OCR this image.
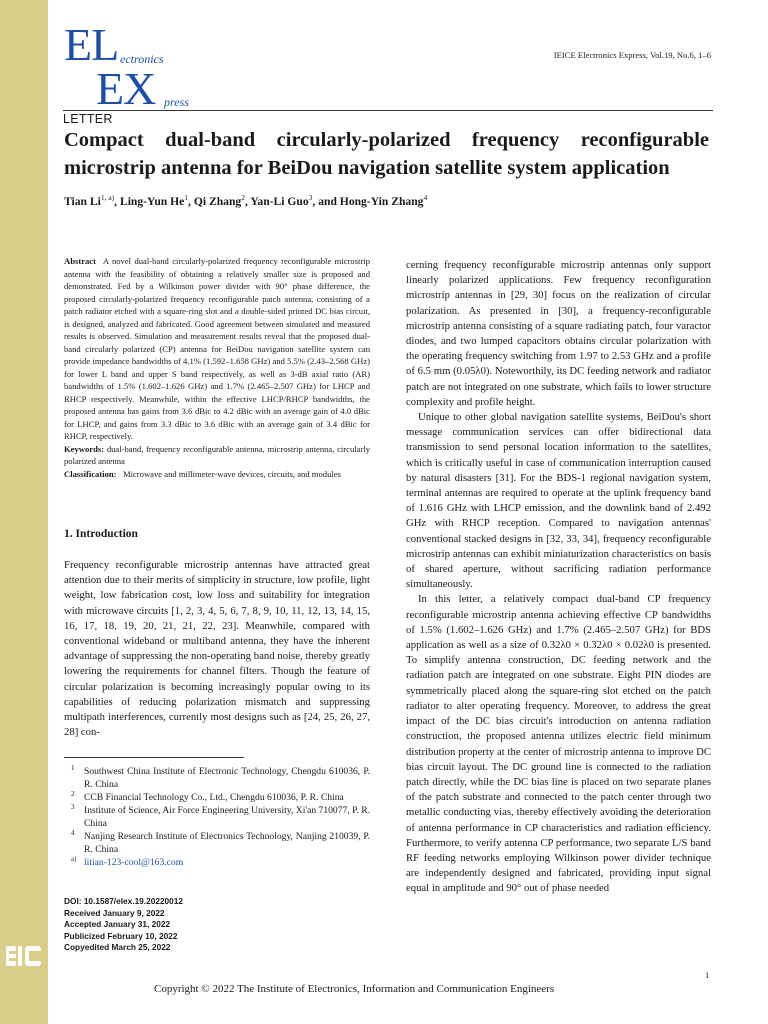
EL ectronics
EX press
IEICE Electronics Express, Vol.19, No.6, 1–6
LETTER
Compact dual-band circularly-polarized frequency reconfigurable microstrip antenna for BeiDou navigation satellite system application
Tian Li$^{1, a)}$, Ling-Yun He$^1$, Qi Zhang$^2$, Yan-Li Guo$^3$, and Hong-Yin Zhang$^4$

Abstract A novel dual-band circularly-polarized frequency reconfigurable microstrip antenna with the feasibility of obtaining a relatively smaller size is proposed and demonstrated. Fed by a Wilkinson power divider with 90° phase difference, the proposed circularly-polarized frequency reconfigurable patch antenna, consisting of a patch radiator etched with a square-ring slot and a double-sided printed DC bias circuit, is designed, analyzed and fabricated. Good agreement between simulated and measured results is observed. Simulation and measurement results reveal that the proposed dual-band circularly polarized (CP) antenna for BeiDou navigation satellite system can provide impedance bandwidths of 4.1% (1.592–1.658 GHz) and 5.5% (2.43–2.568 GHz) for lower L band and upper S band respectively, as well as 3-dB axial ratio (AR) bandwidths of 1.5% (1.602–1.626 GHz) and 1.7% (2.465–2.507 GHz) for LHCP and RHCP respectively. Meanwhile, within the effective LHCP/RHCP bandwidths, the proposed antenna has gains from 3.6 dBic to 4.2 dBic with an average gain of 4.0 dBic for LHCP, and gains from 3.3 dBic to 3.6 dBic with an average gain of 3.4 dBic for RHCP, respectively.

Keywords: dual-band, frequency reconfigurable antenna, microstrip antenna, circularly polarized antenna

Classification: Microwave and millimeter-wave devices, circuits, and modules

1. Introduction

Frequency reconfigurable microstrip antennas have attracted great attention due to their merits of simplicity in structure, low profile, light weight, low fabrication cost, low loss and suitability for integration with microwave circuits [1, 2, 3, 4, 5, 6, 7, 8, 9, 10, 11, 12, 13, 14, 15, 16, 17, 18, 19, 20, 21, 21, 22, 23]. Meanwhile, compared with conventional wideband or multiband antenna, they have the inherent advantage of suppressing the non-operating band noise, thereby greatly lowering the requirements for channel filters. Though the feature of circular polarization is becoming increasingly popular owing to its capabilities of reducing polarization mismatch and suppressing multipath interferences, currently most designs such as [24, 25, 26, 27, 28] con-

cerning frequency reconfigurable microstrip antennas only support linearly polarized applications. Few frequency reconfiguration microstrip antennas in [29, 30] focus on the realization of circular polarization. As presented in [30], a frequency-reconfigurable microstrip antenna consisting of a square radiating patch, four varactor diodes, and two lumped capacitors obtains circular polarization with the operating frequency switching from 1.97 to 2.53 GHz and a profile of 6.5 mm (0.05λ0). Noteworthily, its DC feeding network and radiator patch are not integrated on one substrate, which fails to lower structure complexity and profile height.

Unique to other global navigation satellite systems, BeiDou's short message communication services can offer bidirectional data transmission to send personal location information to the satellites, which is critically useful in case of communication interruption caused by natural disasters [31]. For the BDS-1 regional navigation system, terminal antennas are required to operate at the uplink frequency band of 1.616 GHz with LHCP emission, and the downlink band of 2.492 GHz with RHCP reception. Compared to navigation antennas' conventional stacked designs in [32, 33, 34], frequency reconfigurable microstrip antennas can exhibit miniaturization characteristics on basis of shared aperture, without sacrificing radiation performance simultaneously.

In this letter, a relatively compact dual-band CP frequency reconfigurable microstrip antenna achieving effective CP bandwidths of 1.5% (1.602–1.626 GHz) and 1.7% (2.465–2.507 GHz) for BDS application as well as a size of 0.32λ0 × 0.32λ0 × 0.02λ0 is presented. To simplify antenna construction, DC feeding network and the radiation patch are integrated on one substrate. Eight PIN diodes are symmetrically placed along the square-ring slot etched on the patch radiator to alter operating frequency. Moreover, to address the great impact of the DC bias circuit's introduction on antenna radiation construction, the proposed antenna utilizes electric field minimum distribution property at the center of microstrip antenna to improve DC bias circuit layout. The DC ground line is connected to the radiation patch directly, while the DC bias line is placed on two separate planes of the patch substrate and connected to the patch center through two metallic conducting vias, thereby effectively avoiding the deterioration of antenna performance in CP characteristics and radiation efficiency. Furthermore, to verify antenna CP performance, two separate L/S band RF feeding networks employing Wilkinson power divider technique are independently designed and fabricated, providing input signal equal in amplitude and 90° out of phase needed

1 Southwest China Institute of Electronic Technology, Chengdu 610036, P. R. China
2 CCB Financial Technology Co., Ltd., Chengdu 610036, P. R. China
3 Institute of Science, Air Force Engineering University, Xi'an 710077, P. R. China
4 Nanjing Research Institute of Electronics Technology, Nanjing 210039, P. R. China
a) litian-123-cool@163.com
DOI: 10.1587/elex.19.20220012
Received January 9, 2022
Accepted January 31, 2022
Publicized February 10, 2022
Copyedited March 25, 2022
1
Copyright © 2022 The Institute of Electronics, Information and Communication Engineers
